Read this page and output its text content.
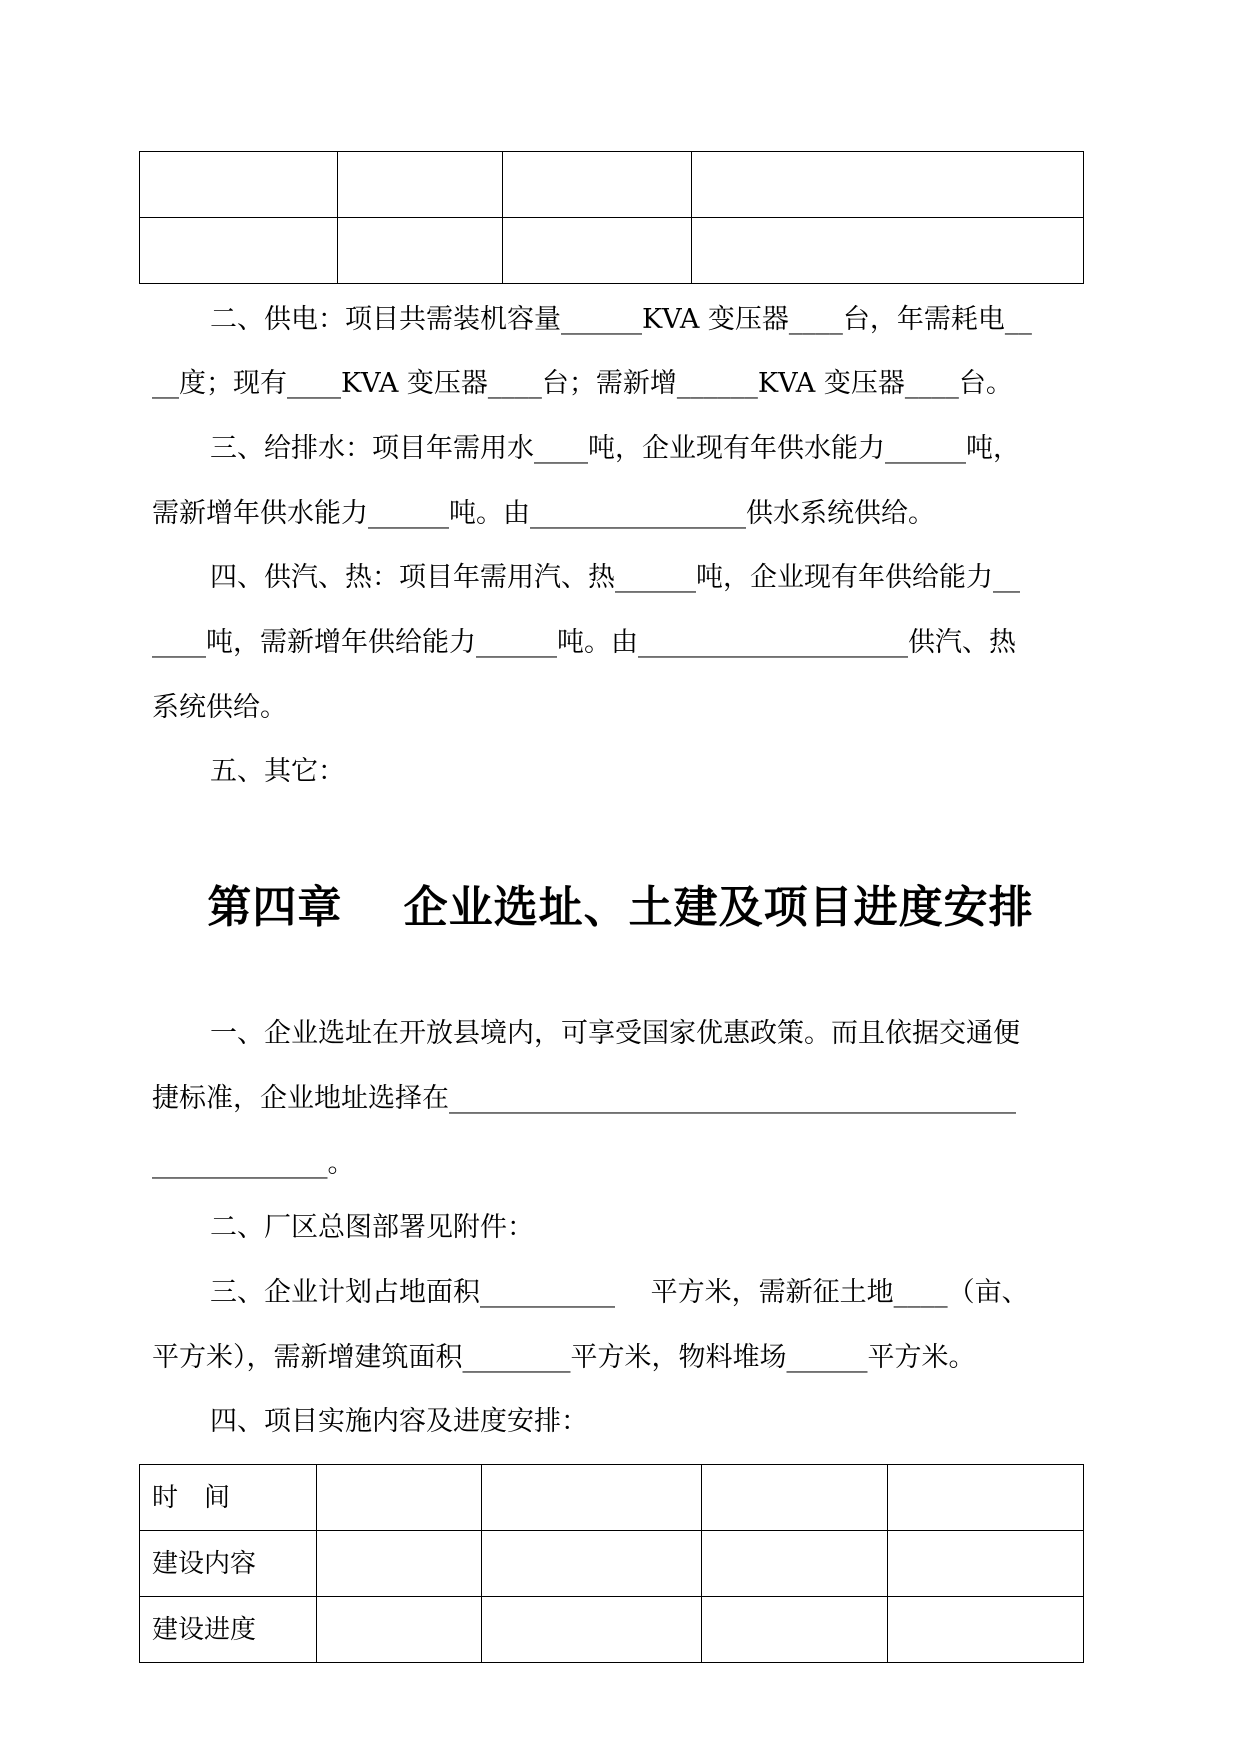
二、供电：项目共需装机容量______KVA 变压器____台，年需耗电__
__度；现有____KVA 变压器____台；需新增______KVA 变压器____台。
三、给排水：项目年需用水____吨，企业现有年供水能力______吨，
需新增年供水能力______吨。由________________供水系统供给。
四、供汽、热：项目年需用汽、热______吨，企业现有年供给能力__
____吨，需新增年供给能力______吨。由____________________供汽、热
系统供给。
五、其它：
第四章　 企业选址、土建及项目进度安排
一、企业选址在开放县境内，可享受国家优惠政策。而且依据交通便
捷标准，企业地址选择在__________________________________________
_____________。
二、厂区总图部署见附件：
三、企业计划占地面积__________　 平方米，需新征土地____（亩、
平方米），需新增建筑面积________平方米，物料堆场______平方米。
四、项目实施内容及进度安排：
时　间				
建设内容				
建设进度				
